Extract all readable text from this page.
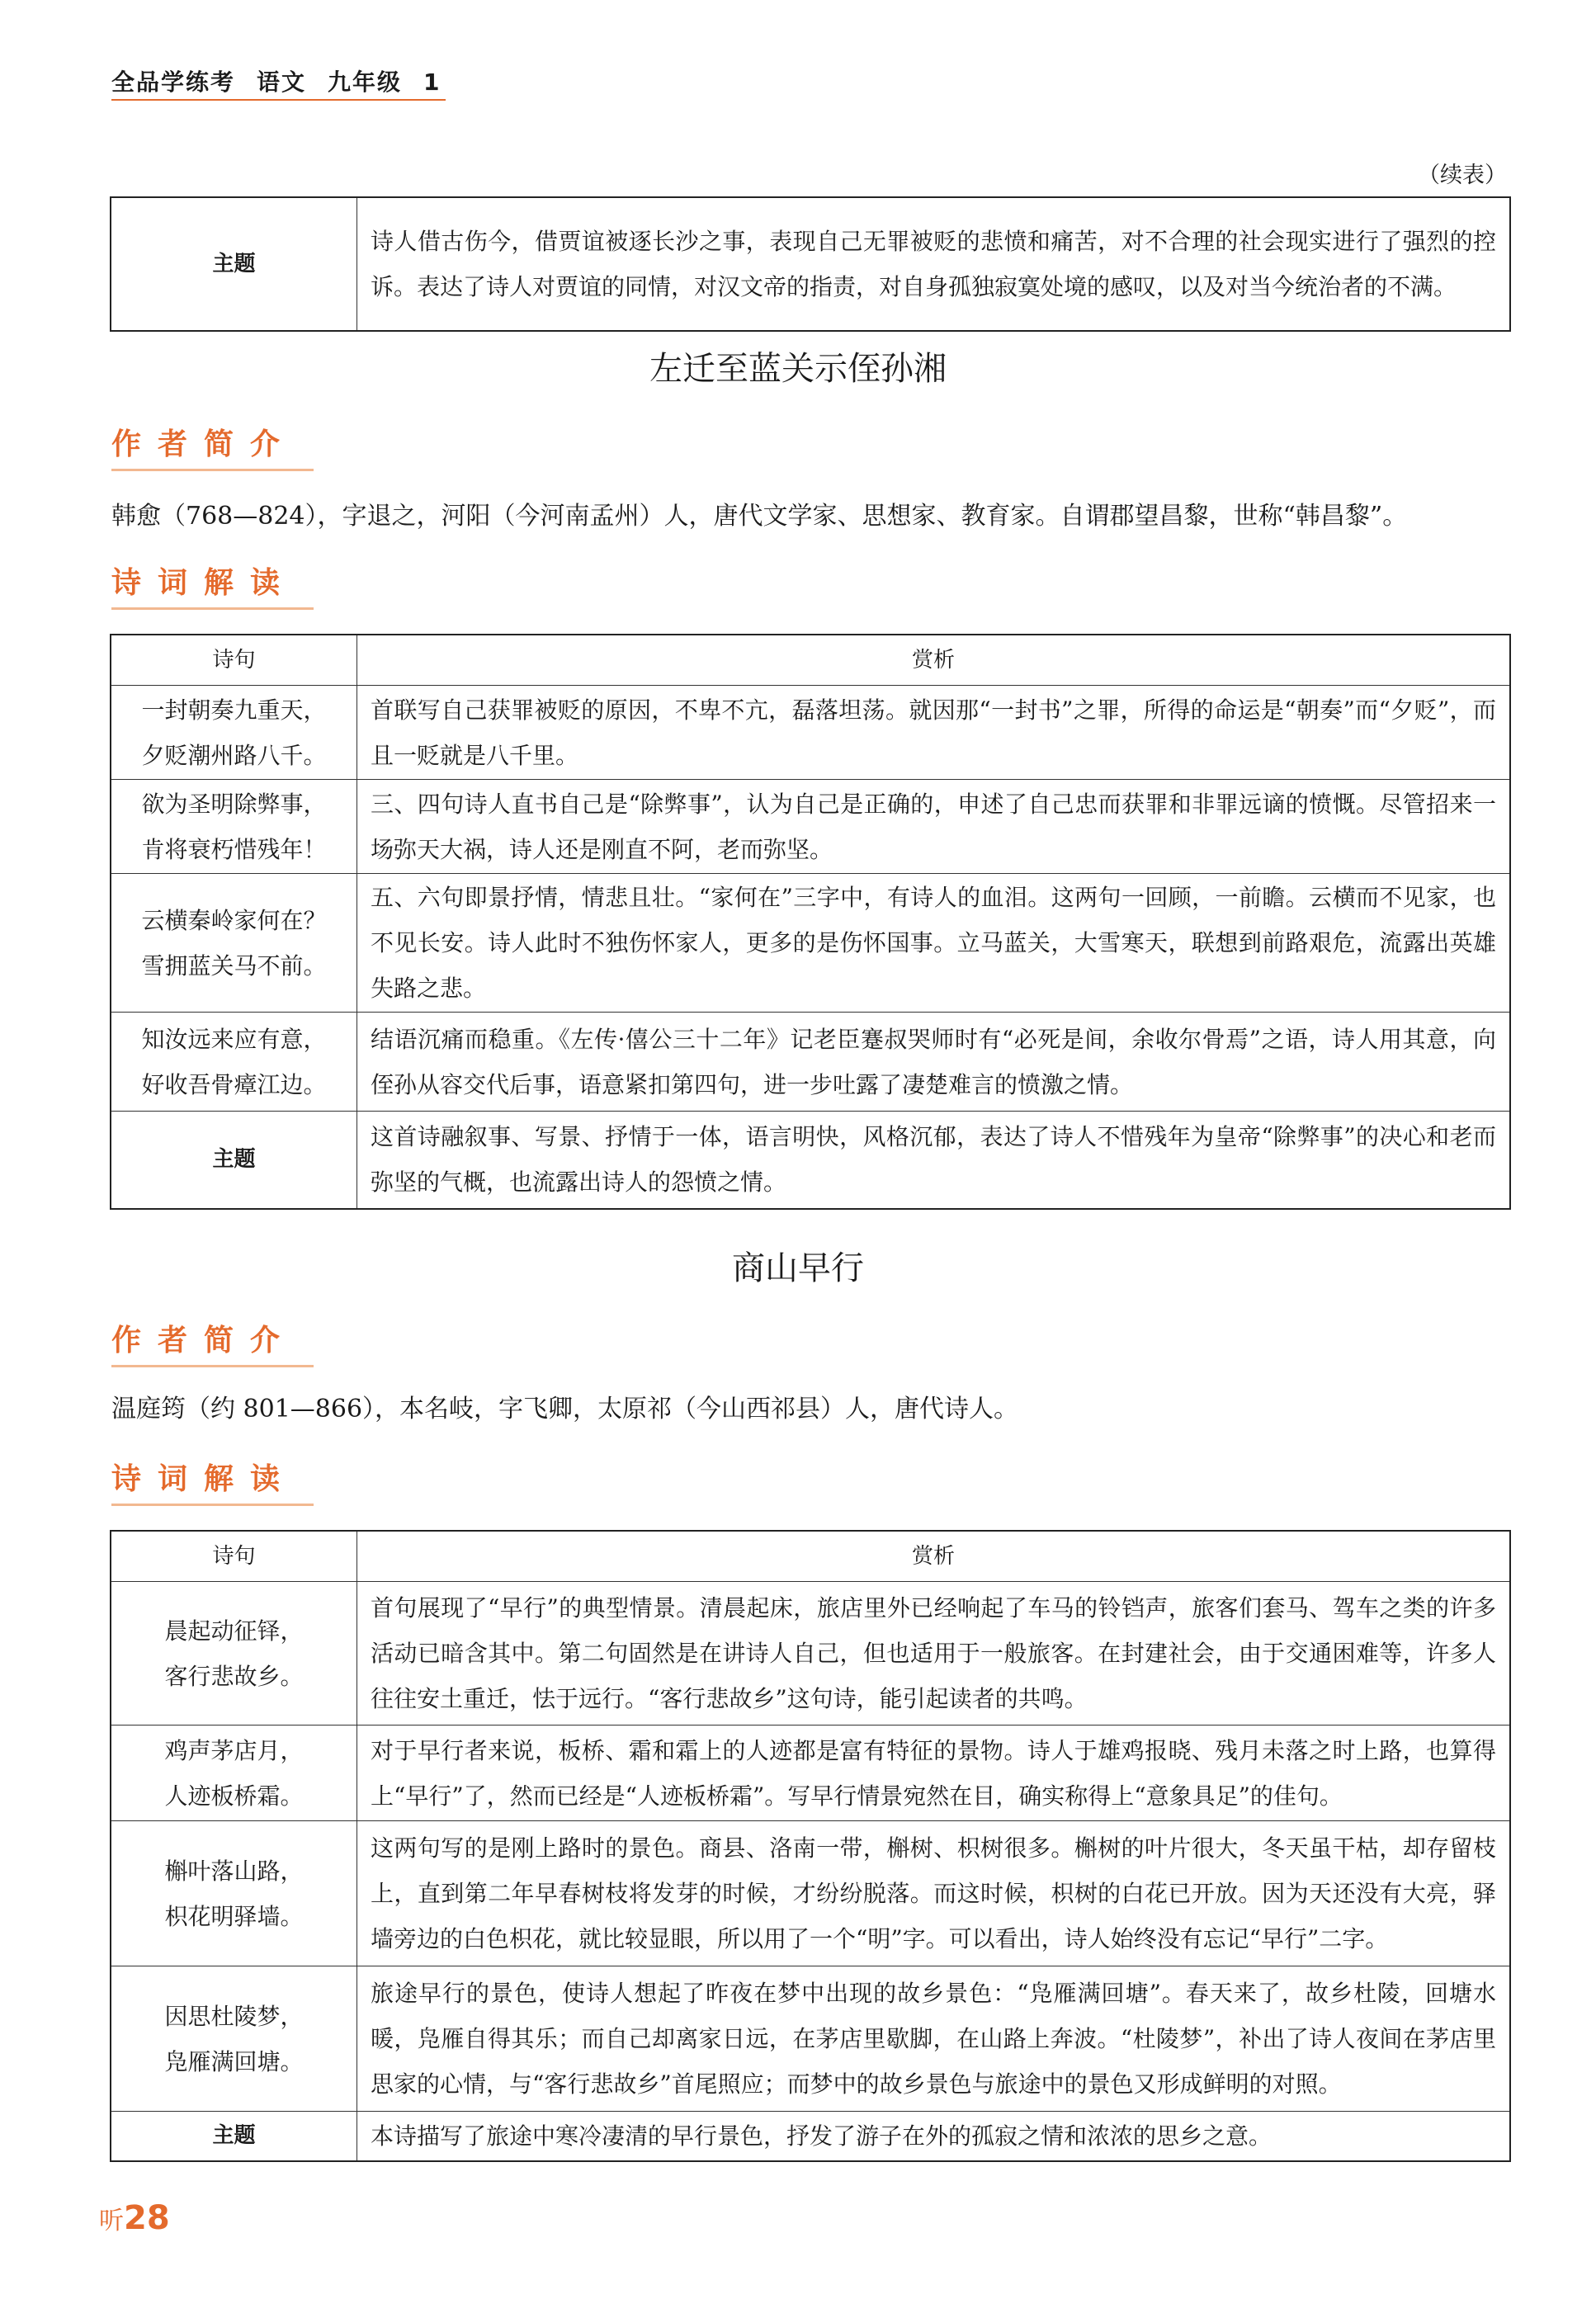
全品学练考 语文 九年级 1
（续表）
主题	诗人借古伤今，借贾谊被逐长沙之事，表现自己无罪被贬的悲愤和痛苦，对不合理的社会现实进行了强烈的控诉。表达了诗人对贾谊的同情，对汉文帝的指责，对自身孤独寂寞处境的感叹，以及对当今统治者的不满。
左迁至蓝关示侄孙湘
作者简介
韩愈（768—824），字退之，河阳（今河南孟州）人，唐代文学家、思想家、教育家。自谓郡望昌黎，世称“韩昌黎”。
诗词解读
诗句	赏析
一封朝奏九重天，
夕贬潮州路八千。	首联写自己获罪被贬的原因，不卑不亢，磊落坦荡。就因那“一封书”之罪，所得的命运是“朝奏”而“夕贬”，而且一贬就是八千里。
欲为圣明除弊事，
肯将衰朽惜残年！	三、四句诗人直书自己是“除弊事”，认为自己是正确的，申述了自己忠而获罪和非罪远谪的愤慨。尽管招来一场弥天大祸，诗人还是刚直不阿，老而弥坚。
云横秦岭家何在？
雪拥蓝关马不前。	五、六句即景抒情，情悲且壮。“家何在”三字中，有诗人的血泪。这两句一回顾，一前瞻。云横而不见家，也不见长安。诗人此时不独伤怀家人，更多的是伤怀国事。立马蓝关，大雪寒天，联想到前路艰危，流露出英雄失路之悲。
知汝远来应有意，
好收吾骨瘴江边。	结语沉痛而稳重。《左传·僖公三十二年》记老臣蹇叔哭师时有“必死是间，余收尔骨焉”之语，诗人用其意，向侄孙从容交代后事，语意紧扣第四句，进一步吐露了凄楚难言的愤激之情。
主题	这首诗融叙事、写景、抒情于一体，语言明快，风格沉郁，表达了诗人不惜残年为皇帝“除弊事”的决心和老而弥坚的气概，也流露出诗人的怨愤之情。
商山早行
作者简介
温庭筠（约 801—866），本名岐，字飞卿，太原祁（今山西祁县）人，唐代诗人。
诗词解读
诗句	赏析
晨起动征铎，
客行悲故乡。	首句展现了“早行”的典型情景。清晨起床，旅店里外已经响起了车马的铃铛声，旅客们套马、驾车之类的许多活动已暗含其中。第二句固然是在讲诗人自己，但也适用于一般旅客。在封建社会，由于交通困难等，许多人往往安土重迁，怯于远行。“客行悲故乡”这句诗，能引起读者的共鸣。
鸡声茅店月，
人迹板桥霜。	对于早行者来说，板桥、霜和霜上的人迹都是富有特征的景物。诗人于雄鸡报晓、残月未落之时上路，也算得上“早行”了，然而已经是“人迹板桥霜”。写早行情景宛然在目，确实称得上“意象具足”的佳句。
槲叶落山路，
枳花明驿墙。	这两句写的是刚上路时的景色。商县、洛南一带，槲树、枳树很多。槲树的叶片很大，冬天虽干枯，却存留枝上，直到第二年早春树枝将发芽的时候，才纷纷脱落。而这时候，枳树的白花已开放。因为天还没有大亮，驿墙旁边的白色枳花，就比较显眼，所以用了一个“明”字。可以看出，诗人始终没有忘记“早行”二字。
因思杜陵梦，
凫雁满回塘。	旅途早行的景色，使诗人想起了昨夜在梦中出现的故乡景色：“凫雁满回塘”。春天来了，故乡杜陵，回塘水暖，凫雁自得其乐；而自己却离家日远，在茅店里歇脚，在山路上奔波。“杜陵梦”，补出了诗人夜间在茅店里思家的心情，与“客行悲故乡”首尾照应；而梦中的故乡景色与旅途中的景色又形成鲜明的对照。
主题	本诗描写了旅途中寒冷凄清的早行景色，抒发了游子在外的孤寂之情和浓浓的思乡之意。
听28
